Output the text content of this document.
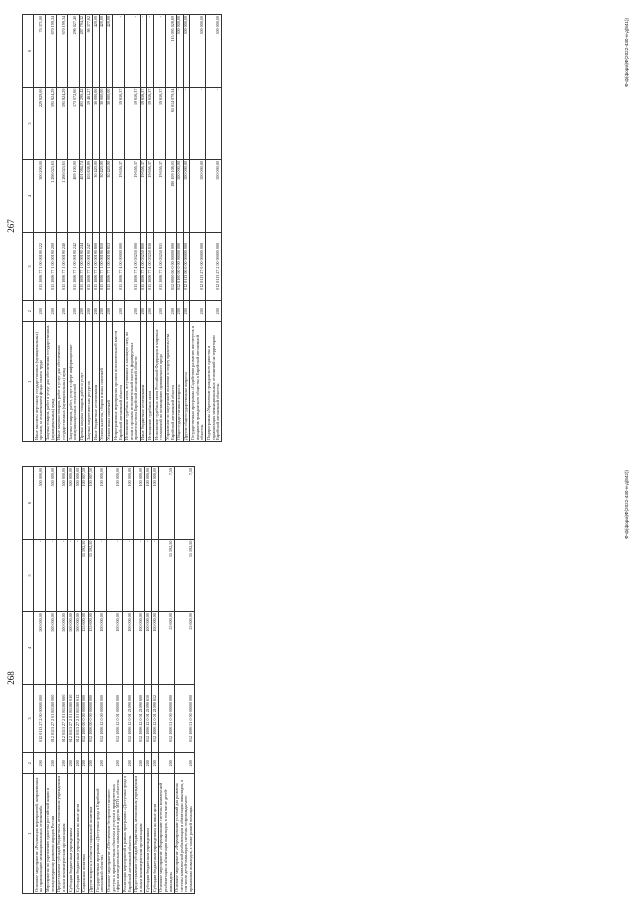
267
1	2	3	4	5	6
Иные выплаты персоналу государственных (муниципальных) органов, за исключением фонда оплаты труда	200	011 1006 77 1 00 00190 122	300 200,00	229 829,00	70 371,00
Закупка товаров, работ и услуг для обеспечения государственных (муниципальных) нужд	200	011 1006 77 1 00 00190 200	1 266 023,63	595 824,29	670 199,34
Иные закупки товаров, работ и услуг для обеспечения государственных (муниципальных) нужд	200	011 1006 77 1 00 00190 240	1 266 023,63	595 824,29	670 199,34
Закупка товаров, работ, услуг в сфере информационно-коммуникационных технологий	200	011 1006 77 1 00 00190 242	469 100,00	173 072,60	296 027,40
Прочая закупка товаров, работ и услуг	200	011 1006 77 1 00 00190 244	401 084,74	401 290,42	287 794,32
Закупка энергетических ресурсов	200	011 1006 77 1 00 00190 247	105 838,89	19 461,27	86 377,62
Иные бюджетные ассигнования	200	011 1006 77 1 00 00190 800	30 420,00	30 000,00	420,00
Уплата налогов, сборов и иных платежей	200	011 1006 77 1 00 00190 850	30 420,00	30 000,00	420,00
Уплата иных платежей	200	011 1006 77 1 00 00190 853	30 420,00	30 000,00	420,00
Непрограммные мероприятия органов исполнительной власти Еврейской автономной области	200	011 1006 77 4 00 00000 000	19 656,37	19 656,37	-
Исполнение судебных актов, вступивших в законную силу, по искам к органам исполнительной власти, формируемых правительством Еврейской автономной области	200	011 1006 77 4 00 03250 000	19 656,37	19 656,37	-
Иные бюджетные ассигнования	200	011 1006 77 4 00 03250 800	19 656,37	19 656,37	-
Исполнение судебных актов	200	011 1006 77 4 00 03250 830	19 656,37	19 656,37	-
Исполнение судебных актов Российской Федерации и мировых соглашений по возмещению причиненного вреда	200	011 1006 77 4 00 03250 831	19 656,37	19 656,37	-
Управление по внутренней политике и спорту правительства Еврейской автономной области	200	012 0000 00 0 00 00000 000	180 109 108,03	65 014 079,34	115 095 028,69
Общегосударственные вопросы	200	012 0100 00 0 00 00000 000	500 000,00	-	500 000,00
Другие общегосударственные вопросы	200	012 0113 00 0 00 00000 000	500 000,00	-	500 000,00
Государственная программа «Содействие развитию институтов и инициатив гражданского общества в Еврейской автономной области»	200	012 0113 27 0 00 00000 000	500 000,00	-	500 000,00
Подпрограмма «Укрепление гражданского единства и гармонизация межнациональных отношений на территории Еврейской автономной области»	200	012 0113 27 2 00 00000 000	500 000,00	-	500 000,00	Ф-ф(форм)Ф(2022-430-н-д(841))
268
1	2	3	4	5	6
Основное мероприятие «Реализация мероприятий, направленных на гармонизацию межнациональных отношений»	200	012 0113 27 2 00 00000 000	500 000,00	-	500 000,00
Мероприятия по укреплению единства российской нации и этнокультурному развитию народов России	200	012 0113 27 2 01 R5160 000	500 000,00	-	500 000,00
Предоставление субсидий бюджетным, автономным учреждениям и иным некоммерческим организациям	200	012 0113 27 2 01 R5160 600	500 000,00	-	500 000,00
Субсидии бюджетным учреждениям	200	012 0113 27 2 01 R5160 610	500 000,00	-	500 000,00
Субсидии бюджетным учреждениям на иные цели	200	012 0113 27 2 01 R5160 612	500 000,00	-	500 000,00
Социальная политика	200	012 1000 00 0 00 00000 000	155 600,00	55 592,50	100 007,50
Другие вопросы в области социальной политики	200	012 1006 00 0 00 00000 000	155 600,00	55 592,50	100 007,50
Государственная программа «Доступная среда в Еврейской автономной области»	200	012 1006 12 0 00 00000 000	100 000,00	-	100 000,00
Основное мероприятие «Обеспечение беспрепятственного доступа к приоритетным объектам и услугам в приоритетных сферах жизнедеятельности инвалидов и других МГН в области»	200	012 1006 12 0 01 00000 000	100 000,00	-	100 000,00
Реализация мероприятий в рамках программы «Доступная среда в Еврейской автономной области»	200	012 1006 12 0 01 21090 000	100 000,00	-	100 000,00
Предоставление субсидий бюджетным, автономным учреждениям и иным некоммерческим организациям	200	012 1006 12 0 01 21090 600	100 000,00	-	100 000,00
Субсидии бюджетным учреждениям	200	012 1006 12 0 01 21090 610	100 000,00	-	100 000,00
Субсидии бюджетным учреждениям на иные цели	200	012 1006 12 0 01 21090 612	100 000,00	-	100 000,00
Основное мероприятие «Формирование системы комплексной реабилитации и абилитации инвалидов, в том числе детей-инвалидов»	200	012 1006 51 0 00 00000 000	55 600,00	55 592,50	7,50
Основное мероприятие «Формирование условий для развития системы комплексной реабилитации и абилитации инвалидов, в том числе детей-инвалидов, системы сопровождаемого проживания инвалидов, а также ранней помощи»	200	012 1006 51 0 00 00000 000	55 600,00	55 592,50	7,50	Ф-ф(форм)Ф(2022-430-н-д(842))
